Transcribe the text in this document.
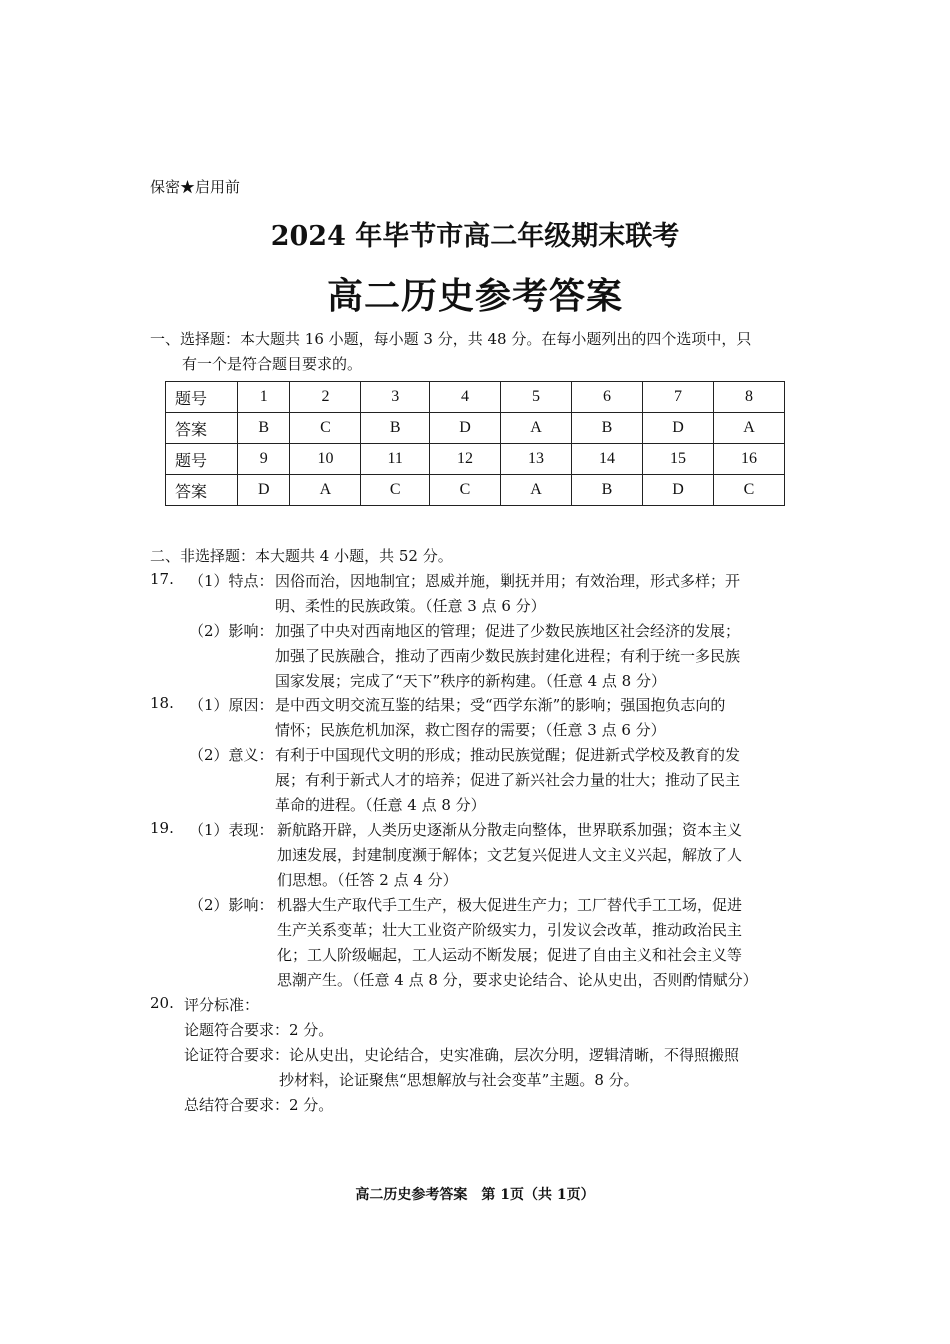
保密★启用前
2024 年毕节市高二年级期末联考
高二历史参考答案
一、选择题：本大题共 16 小题，每小题 3 分，共 48 分。在每小题列出的四个选项中，只
有一个是符合题目要求的。
题号	1	2	3	4	5	6	7	8
答案	B	C	B	D	A	B	D	A
题号	9	10	11	12	13	14	15	16
答案	D	A	C	C	A	B	D	C
二、非选择题：本大题共 4 小题，共 52 分。
17. （1）特点： 因俗而治，因地制宜；恩威并施，剿抚并用；有效治理，形式多样；开
明、柔性的民族政策。（任意 3 点 6 分）
（2）影响： 加强了中央对西南地区的管理；促进了少数民族地区社会经济的发展；
加强了民族融合，推动了西南少数民族封建化进程；有利于统一多民族
国家发展；完成了“天下”秩序的新构建。（任意 4 点 8 分）
18. （1）原因： 是中西文明交流互鉴的结果；受“西学东渐”的影响；强国抱负志向的
情怀；民族危机加深，救亡图存的需要；（任意 3 点 6 分）
（2）意义： 有利于中国现代文明的形成；推动民族觉醒；促进新式学校及教育的发
展；有利于新式人才的培养；促进了新兴社会力量的壮大；推动了民主
革命的进程。（任意 4 点 8 分）
19. （1）表现： 新航路开辟，人类历史逐渐从分散走向整体，世界联系加强；资本主义
加速发展，封建制度濒于解体；文艺复兴促进人文主义兴起，解放了人
们思想。（任答 2 点 4 分）
（2）影响： 机器大生产取代手工生产，极大促进生产力；工厂替代手工工场，促进
生产关系变革；壮大工业资产阶级实力，引发议会改革，推动政治民主
化；工人阶级崛起，工人运动不断发展；促进了自由主义和社会主义等
思潮产生。（任意 4 点 8 分，要求史论结合、论从史出，否则酌情赋分）
20. 评分标准：
论题符合要求：2 分。
论证符合要求：论从史出，史论结合，史实准确，层次分明，逻辑清晰，不得照搬照
抄材料，论证聚焦“思想解放与社会变革”主题。8 分。
总结符合要求：2 分。
高二历史参考答案　第 1页（共 1页）
